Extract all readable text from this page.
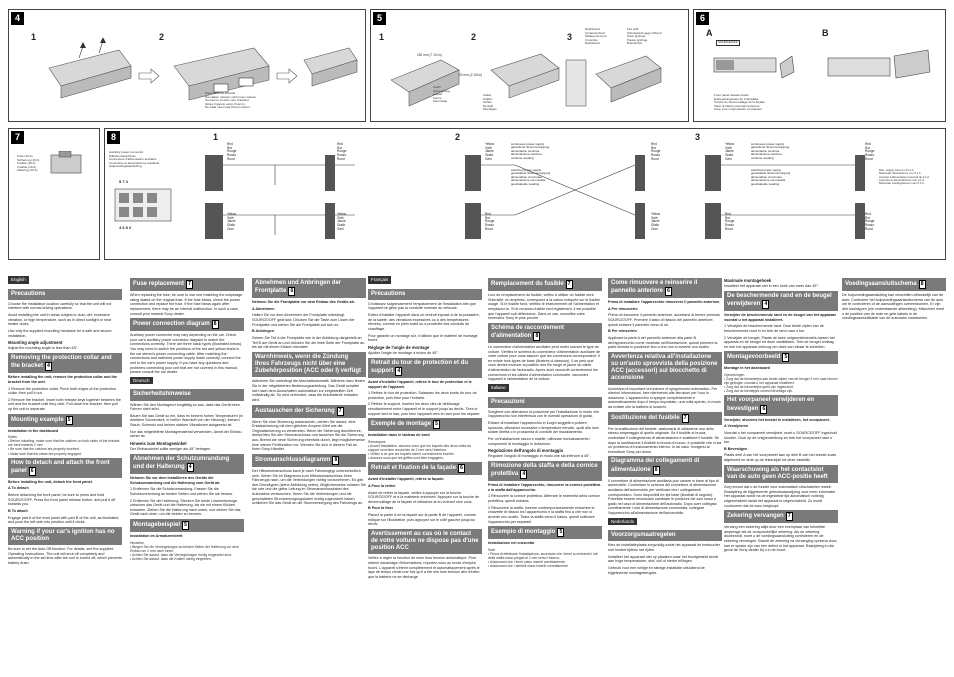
4
1	2
Face the hook inwards.
Die Haken müssen nach innen weisen.
Tournez le crochet vers l'intérieur.
Girare il gancio verso l'interno.
De haak moet naar binnen wijzen.
5
1	2	3
182 mm (7 1/4 in)
53 mm (2 1/8 in)
Catch
Verriegelung
Loquet
Fermo
Klemmetje
Claws
Krallen
Griffes
Dentelli
Klemlipjes
Dashboard
Armaturenbrett
Tableau de bord
Cruscotto
Dashboard
Fire wall
Schutzwand gegen Brand
Paroi ignifuge
Parete ignifuga
Brandschot
6
A	B
SOURCE/OFF
Front panel release button
Entriegelungstaste für Frontplatte
Touche de déverrouillage de la façade
Tasto di rilascio pannello anteriore
Knop voor ontgrendelen voorpaneel
7
Fuse (10 A)
Sicherung (10 A)
Fusible (10 A)
Fusibile (10 A)
Zekering (10 A)
8	1	2	3
Auxiliary power connector
Hilfsstromanschluss
Connecteur d'alimentation auxiliaire
Connettore di alimentazione ausiliaria
Hulpvoedingsaansluiting
5 7 3
4 6 8 2
Red
Rot
Rouge
Rosso
Rood
Yellow
Gelb
Jaune
Giallo
Geel
Red
Rot
Rouge
Rosso
Rood
Yellow
Gelb
Jaune
Giallo
Geel
Yellow
Gelb
Jaune
Giallo
Geel
continuous power supply
garantierte Stromversorgung
alimentation continue
alimentazione continua
continue voeding
switched power supply
geschaltete Stromversorgung
alimentation commutée
alimentazione commutata
geschakelde voeding
Red
Rot
Rouge
Rosso
Rood
Red
Rot
Rouge
Rosso
Rood
Yellow
Gelb
Jaune
Giallo
Geel
Yellow
Gelb
Jaune
Giallo
Geel
continuous power supply
garantierte Stromversorgung
alimentation continue
alimentazione continua
continue voeding
switched power supply
geschaltete Stromversorgung
alimentation commutée
alimentazione commutata
geschakelde voeding
Red
Rot
Rouge
Rosso
Rood
Red
Rot
Rouge
Rosso
Rood
Red
Rot
Rouge
Rosso
Rood
Max. supply current of 0.1 A
Maximaler Speisestrom von 0,1 A
Courant d'alimentation maximal de 0,1 A
Corrente di alimentazione max 0,1 A
Maximale voedingsstroom van 0,1 A
English
Precautions

Choose the installation location carefully so that the unit will not interfere with normal driving operations.

Avoid installing the unit in areas subject to dust, dirt, excessive vibration, or high temperature, such as in direct sunlight or near heater ducts.

Use only the supplied mounting hardware for a safe and secure installation.

Mounting angle adjustment

Adjust the mounting angle to less than 45°.

Removing the protection collar and the bracket 4

Before installing the unit, remove the protection collar and the bracket from the unit.

1 Remove the protection collar. Pinch both edges of the protection collar, then pull it out.

2 Remove the bracket. Insert both release keys together between the unit and the bracket until they click. Pull down the bracket, then pull up the unit to separate.

Mounting example 5

Installation in the dashboard

Notes
• Before installing, make sure that the catches on both sides of the bracket are bent inwards 2 mm.
• Be sure that the catches are properly inserted.
• Make sure that the claws are properly engaged.

How to detach and attach the front panel 6

Before installing the unit, detach the front panel.

A To detach

Before detaching the front panel, be sure to press and hold SOURCE/OFF. Press the front panel release button, and pull it off towards you.

B To attach

Engage part A of the front panel with part B of the unit, as illustrated, and push the left side into position until it clicks.

Warning if your car's ignition has no ACC position

Be sure to set the Auto Off function. For details, see the supplied Operating Instructions. The unit will shut off completely and automatically in the set time after the unit is turned off, which prevents battery drain.

Fuse replacement 7

When replacing the fuse, be sure to use one matching the amperage rating stated on the original fuse. If the fuse blows, check the power connection and replace the fuse. If the fuse blows again after replacement, there may be an internal malfunction. In such a case, consult your nearest Sony dealer.

Power connection diagram 8

Auxiliary power connector may vary depending on the car. Check your car's auxiliary power connector diagram to match the connections correctly. There are three basic types (illustrated below). You may need to switch the positions of the red and yellow leads in the car stereo's power connecting cable. After matching the connections and switched power supply leads correctly, connect the unit to the car's power supply. If you have any questions and problems connecting your unit that are not covered in this manual, please consult the car dealer.

Deutsch
Sicherheitshinweise

Wählen Sie den Montageort sorgfältig so aus, dass das Gerät beim Fahren nicht stört.

Bauen Sie das Gerät so ein, dass es keinem hohen Temperaturen (in direktem Sonnenlicht, in heißer Warmluft von der Heizung), keinem Staub, Schmutz und keinen starken Vibrationen ausgesetzt ist.

Nur das mitgelieferte Montagematerial verwenden, damit der Einbau sicher ist.

Hinweis zum Montagewinkel

Der Einbauwinkel sollte weniger als 45° betragen.

Abnehmen der Schutzumrandung und der Halterung 4

Nehmen Sie vor dem Installieren des Geräts die Schutzumrandung und die Halterung vom Gerät ab.

1 Entfernen Sie die Schutzumrandung. Fassen Sie die Schutzumrandung an beiden Seiten und ziehen Sie sie heraus.

2 Entfernen Sie die Halterung. Stecken Sie beide Lösewerkzeuge zwischen das Gerät und die Halterung, bis sie mit einem Klicken einrasten. Ziehen Sie die Halterung nach unten, und ziehen Sie das Gerät nach oben, um die beiden zu trennen.

Montagebeispiel 5

Installation im Armaturenbrett

Hinweise
• Biegen Sie die Verriegelungen an beiden Seiten der Halterung vor dem Einbau um 2 mm nach innen.
• Achten Sie darauf, dass die Verriegelungen richtig eingesetzt sind.
• Achten Sie darauf, dass die Krallen richtig eingreifen.

Abnehmen und Anbringen der Frontplatte 6

Nehmen Sie die Frontplatte vor dem Einbau des Geräts ab.

A Abnehmen

Halten Sie vor dem Abnehmen der Frontplatte unbedingt SOURCE/OFF gedrückt. Drücken Sie die Taste zum Lösen der Frontplatte und ziehen Sie die Frontplatte auf sich zu.

B Anbringen

Setzen Sie Teil A der Frontplatte wie in der Abbildung dargestellt an Teil B am Gerät an und drücken Sie die linke Seite der Frontplatte an, bis sie mit einem Klicken einrastet.

Warnhinweis, wenn die Zündung Ihres Fahrzeugs nicht über eine Zubehörposition (ACC oder I) verfügt

Aktivieren Sie unbedingt die Abschaltautomatik. Näheres dazu finden Sie in der mitgelieferten Bedienungsanleitung. Das Gerät schaltet sich nach dem Ausschalten automatisch zur eingestellten Zeit vollständig ab. So wird verhindert, dass die Autobatterie entladen wird.

Austauschen der Sicherung 7

Wenn Sie eine Sicherung austauschen, achten Sie darauf, eine Ersatzsicherung mit dem gleichen Ampere-Wert wie die Originalsicherung zu verwenden. Wenn die Sicherung durchbrennt, überprüfen Sie den Stromanschluss und tauschen Sie die Sicherung aus. Brennt die neue Sicherung ebenfalls durch, liegt möglicherweise eine interne Fehlfunktion vor. Wenden Sie sich in diesem Fall an Ihren Sony-Händler.

Stromanschlussdiagramm 8

Der Hilfsstromanschluss kann je nach Fahrzeugtyp unterschiedlich sein. Sehen Sie im Diagramm zum Hilfsstromanschluss Ihres Fahrzeugs nach, um die Verbindungen richtig vorzunehmen. Es gibt drei Grundtypen (siehe Abbildung unten). Möglicherweise müssen Sie die rote und die gelbe Leitung im Stromanschlusskabel des Autoradios vertauschen. Wenn Sie die Verbindungen und die geschalteten Stromversorgungskabel richtig zugeordnet haben, schließen Sie das Gerät an die Stromversorgung des Fahrzeugs an.

Français
Précautions

Choisissez soigneusement l'emplacement de l'installation afin que l'appareil ne gêne pas la conduite normale du véhicule.

Evitez d'installer l'appareil dans un endroit exposé à de la poussière, de la saleté, des vibrations excessives ou à des températures élevées, comme en plein soleil ou à proximité des conduits de chauffage.

Pour garantir un montage sûr, n'utilisez que le matériel de montage fourni.

Réglage de l'angle de montage

Ajustez l'angle de montage à moins de 45°.

Retrait du tour de protection et du support 4

Avant d'installer l'appareil, retirez le tour de protection et le support de l'appareil.

1 Retirez le tour de protection. Saisissez les deux bords du tour de protection, puis tirez pour l'extraire.

2 Retirez le support. Insérez les deux clés de déblocage simultanément entre l'appareil et le support jusqu'au déclic. Tirez le support vers le bas, puis tirez l'appareil vers le haut pour les séparer.

Exemple de montage 5

Installation dans le tableau de bord

Remarques
• Avant l'installation, assurez-vous que les loquets des deux côtés du support sont bien recourbés de 2 mm vers l'intérieur.
• Veillez à ce que les loquets soient correctement insérés.
• Assurez-vous que les griffes sont bien engagées.

Retrait et fixation de la façade 6

Avant d'installer l'appareil, retirez la façade.

A Pour la retirer

Avant de retirer la façade, veillez à appuyer sur la touche SOURCE/OFF et à la maintenir enfoncée. Appuyez sur la touche de déverrouillage de la façade et détachez-la en la tirant vers vous.

B Pour la fixer

Placez la partie A de la façade sur la partie B de l'appareil, comme indiqué sur l'illustration, puis appuyez sur le côté gauche jusqu'au déclic.

Avertissement au cas où le contact de votre voiture ne dispose pas d'une position ACC

Veillez à régler la fonction de mise hors tension automatique. Pour obtenir davantage d'informations, reportez-vous au mode d'emploi fourni. L'appareil s'éteint complètement et automatiquement après le laps de temps choisi une fois qu'il a été mis hors tension afin d'éviter que la batterie ne se décharge.

Remplacement du fusible 7

Lors du remplacement du fusible, veillez à utiliser un fusible dont l'intensité, en ampères, correspond à la valeur indiquée sur le fusible usagé. Si le fusible fond, vérifiez le branchement de l'alimentation et remplacez-le. Si le nouveau fusible fond également, il est possible que l'appareil soit défectueux. Dans ce cas, consultez votre revendeur Sony le plus proche.

Schéma de raccordement d'alimentation 8

Le connecteur d'alimentation auxiliaire peut varier suivant le type de voiture. Vérifiez le schéma du connecteur d'alimentation auxiliaire de votre voiture pour vous assurer que les connexions correspondent. Il en existe trois types de base (illustrés ci-dessous). Il se peut que vous deviez inverser la position des fils rouge et jaune du câble d'alimentation de l'autoradio. Après avoir raccordé correctement les connexions et les câbles d'alimentation commutée, raccordez l'appareil à l'alimentation de la voiture.

Italiano
Precauzioni

Scegliere con attenzione la posizione per l'installazione in modo che l'apparecchio non interferisca con le normali operazioni di guida.

Evitare di installare l'apparecchio in luoghi soggetti a polvere, sporcizia, vibrazioni eccessive o temperature elevate, quali alla luce solare diretta o in prossimità di condotti del riscaldamento.

Per un'installazione sicura e stabile, utilizzare esclusivamente i componenti di montaggio in dotazione.

Regolazione dell'angolo di montaggio

Regolare l'angolo di montaggio in modo che sia inferiore a 45°.

Rimozione della staffa e della cornice protettiva 4

Prima di installare l'apparecchio, rimuovere la cornice protettiva e la staffa dall'apparecchio.

1 Rimuovere la cornice protettiva. Afferrare le estremità della cornice protettiva, quindi estrarla.

2 Rimuovere la staffa. Inserire contemporaneamente entrambe le chiavette di rilascio tra l'apparecchio e la staffa fino a che non si avverte uno scatto. Tirare la staffa verso il basso, quindi sollevare l'apparecchio per separarli.

Esempio di montaggio 5

Installazione nel cruscotto

Note
• Prima di effettuare l'installazione, accertarsi che i fermi su entrambi i lati della staffa siano piegati di 2 mm verso l'interno.
• Assicurarsi che i fermi siano inseriti correttamente.
• Assicurarsi che i dentelli siano inseriti correttamente.

Come rimuovere e reinserire il pannello anteriore 6

Prima di installare l'apparecchio rimuovere il pannello anteriore.

A Per rimuoverlo

Prima di rimuovere il pannello anteriore, accertarsi di tenere premuto SOURCE/OFF. Premere il tasto di rilascio del pannello anteriore, quindi estrarre il pannello verso di sé.

B Per reinserirlo

Applicare la parte A del pannello anteriore alla parte B dell'apparecchio come mostrato nell'illustrazione, quindi premere la parte sinistra in posizione fino a che non si avverte uno scatto.

Avvertenza relativa all'installazione su un'auto sprovvista della posizione ACC (accessori) sul blocchetto di accensione

Accertarsi di impostare la funzione di spegnimento automatico. Per ulteriori informazioni, fare riferimento alle istruzioni per l'uso in dotazione. L'apparecchio si spegne completamente e automaticamente dopo il tempo impostato, una volta spento, in modo da evitare che la batteria si scarichi.

Sostituzione del fusibile 7

Per la sostituzione del fusibile, assicurarsi di utilizzarne uno dello stesso amperaggio di quello originale. Se il fusibile si brucia, controllare il collegamento di alimentazione e sostituire il fusibile. Se dopo la sostituzione il fusibile si brucia di nuovo, è possibile che vi sia un problema di funzionamento interno. In tal caso, rivolgersi al rivenditore Sony più vicino.

Diagramma dei collegamenti di alimentazione 8

Il connettore di alimentazione ausiliaria può variare in base al tipo di automobile. Controllare lo schema del connettore di alimentazione ausiliaria dell'automobile per verificare che i collegamenti corrispondano. Sono disponibili tre tipi base (illustrati di seguito). Potrebbe essere necessario cambiare le posizioni dei cavi rosso e giallo nel cavo di alimentazione dell'autoradio. Dopo aver collegato correttamente i cavi di alimentazione commutata, collegare l'apparecchio all'alimentazione dell'automobile.

Nederlands
Voorzorgsmaatregelen

Kies de installatieplaats zorgvuldig zodat het apparaat de bestuurder niet hindert tijdens het rijden.

Installeer het apparaat niet op plaatsen waar het blootgesteld wordt aan hoge temperaturen, stof, vuil of sterke trillingen.

Gebruik voor een veilige en stevige installatie uitsluitend de bijgeleverde montagebeugels.

Maximale montagehoek

Installeer het apparaat niet in een hoek van meer dan 45°.

De beschermende rand en de beugel verwijderen 4

Verwijder de beschermende rand en de beugel van het apparaat voordat u het apparaat installeert.

1 Verwijder de beschermende rand. Druk beide zijden van de beschermende rand in en trek de rand naar u toe.

2 Verwijder de beugel. Plaats de twee ontgrendelsleutels tussen het apparaat en de beugel tot deze vastklikken. Trek de beugel omlaag en trek het apparaat omhoog om deze van elkaar te scheiden.

Montagevoorbeeld 5

Montage in het dashboard

Opmerkingen
• Zorg dat de klemmetjes aan beide zijden van de beugel 2 mm naar binnen zijn gebogen voordat u het apparaat installeert.
• Zorg dat de klemmetjes goed zijn ingebracht.
• Zorg dat de klemlipjes correct bevestigd zijn.

Het voorpaneel verwijderen en bevestigen 6

Verwijder, alvorens het toestel te installeren, het voorpaneel.

A Verwijderen

Voordat u het voorpaneel verwijdert, moet u SOURCE/OFF ingedrukt houden. Druk op de ontgrendelknop en trek het voorpaneel naar u toe.

B Bevestigen

Plaats deel A van het voorpaneel aan op deel B van het toestel zoals afgebeeld en druk op de linkerzijde tot deze vastklikt.

Waarschuwing als het contactslot van de auto geen ACC-positie heeft

Zorg ervoor dat u de functie voor automatisch uitschakelen instelt. Raadpleeg de bijgeleverde gebruiksaanwijzing voor meer informatie. Het apparaat wordt na de ingestelde tijd automatisch volledig uitgeschakeld nadat het apparaat is uitgeschakeld. Zo wordt voorkomen dat de accu leegloopt.

Zekering vervangen 7

Vervang een zekering altijd door een exemplaar van hetzelfde amperage als de oorspronkelijke zekering. Als de zekering doorbrandt, moet u de voedingsaansluiting controleren en de zekering vervangen. Brandt de zekering na vervanging opnieuw door, kan er sprake zijn van een defect in het apparaat. Raadpleeg in dat geval de Sony-dealer bij u in de buurt.

Voedingsaansluitschema 8

De hulpvoedingsaansluiting kan verschillen afhankelijk van de auto. Controleer het hulpvoedingsaansluitschema van de auto om te controleren of de aansluitingen overeenkomen. Er zijn drie basistypen (zie onderstaande afbeelding). Misschien moet u de posities van de rode en gele kabels in de voedingsaansluitkabel van de autoradio omwisselen.
